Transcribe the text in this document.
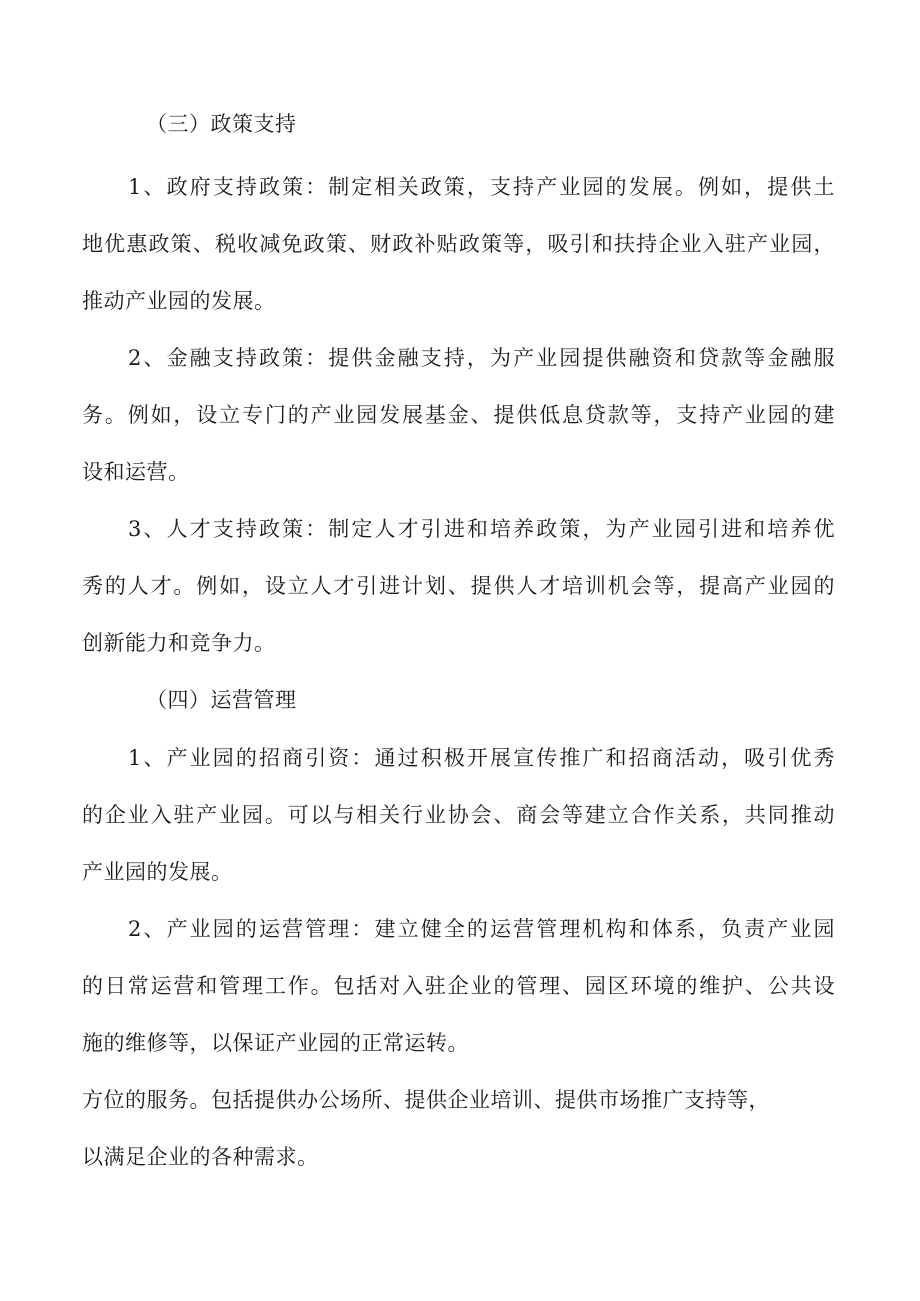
（三）政策支持
1、政府支持政策：制定相关政策，支持产业园的发展。例如，提供土
地优惠政策、税收减免政策、财政补贴政策等，吸引和扶持企业入驻产业园，
推动产业园的发展。
2、金融支持政策：提供金融支持，为产业园提供融资和贷款等金融服
务。例如，设立专门的产业园发展基金、提供低息贷款等，支持产业园的建
设和运营。
3、人才支持政策：制定人才引进和培养政策，为产业园引进和培养优
秀的人才。例如，设立人才引进计划、提供人才培训机会等，提高产业园的
创新能力和竞争力。
（四）运营管理
1、产业园的招商引资：通过积极开展宣传推广和招商活动，吸引优秀
的企业入驻产业园。可以与相关行业协会、商会等建立合作关系，共同推动
产业园的发展。
2、产业园的运营管理：建立健全的运营管理机构和体系，负责产业园
的日常运营和管理工作。包括对入驻企业的管理、园区环境的维护、公共设
施的维修等，以保证产业园的正常运转。
方位的服务。包括提供办公场所、提供企业培训、提供市场推广支持等，
以满足企业的各种需求。
